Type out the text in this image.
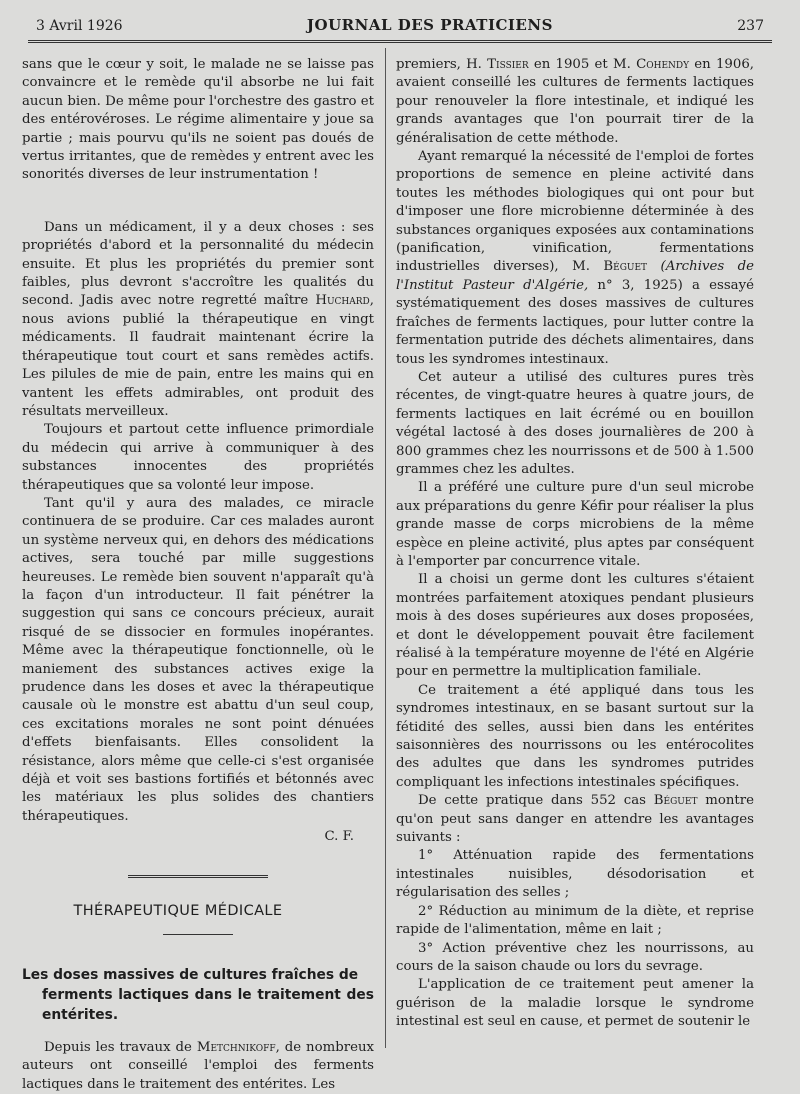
3 Avril 1926	JOURNAL DES PRATICIENS	237

sans que le cœur y soit, le malade ne se laisse pas convaincre et le remède qu'il absorbe ne lui fait aucun bien. De même pour l'orchestre des gastro et des entérovéroses. Le régime alimentaire y joue sa partie ; mais pourvu qu'ils ne soient pas doués de vertus irritantes, que de remèdes y entrent avec les sonorités diverses de leur instrumentation !

Dans un médicament, il y a deux choses : ses propriétés d'abord et la personnalité du médecin ensuite. Et plus les propriétés du premier sont faibles, plus devront s'accroître les qualités du second. Jadis avec notre regretté maître Huchard, nous avions publié la thérapeutique en vingt médicaments. Il faudrait maintenant écrire la thérapeutique tout court et sans remèdes actifs. Les pilules de mie de pain, entre les mains qui en vantent les effets admirables, ont produit des résultats merveilleux.

Toujours et partout cette influence primordiale du médecin qui arrive à communiquer à des substances innocentes des propriétés thérapeutiques que sa volonté leur impose.

Tant qu'il y aura des malades, ce miracle continuera de se produire. Car ces malades auront un système nerveux qui, en dehors des médications actives, sera touché par mille suggestions heureuses. Le remède bien souvent n'apparaît qu'à la façon d'un introducteur. Il fait pénétrer la suggestion qui sans ce concours précieux, aurait risqué de se dissocier en formules inopérantes. Même avec la thérapeutique fonctionnelle, où le maniement des substances actives exige la prudence dans les doses et avec la thérapeutique causale où le monstre est abattu d'un seul coup, ces excitations morales ne sont point dénuées d'effets bienfaisants. Elles consolident la résistance, alors même que celle-ci s'est organisée déjà et voit ses bastions fortifiés et bétonnés avec les matériaux les plus solides des chantiers thérapeutiques.

C. F.

THÉRAPEUTIQUE MÉDICALE
Les doses massives de cultures fraîches de
ferments lactiques dans le traitement des entérites.

Depuis les travaux de Metchnikoff, de nombreux auteurs ont conseillé l'emploi des ferments lactiques dans le traitement des entérites. Les

premiers, H. Tissier en 1905 et M. Cohendy en 1906, avaient conseillé les cultures de ferments lactiques pour renouveler la flore intestinale, et indiqué les grands avantages que l'on pourrait tirer de la généralisation de cette méthode.

Ayant remarqué la nécessité de l'emploi de fortes proportions de semence en pleine activité dans toutes les méthodes biologiques qui ont pour but d'imposer une flore microbienne déterminée à des substances organiques exposées aux contaminations (panification, vinification, fermentations industrielles diverses), M. Béguet (Archives de l'Institut Pasteur d'Algérie, n° 3, 1925) a essayé systématiquement des doses massives de cultures fraîches de ferments lactiques, pour lutter contre la fermentation putride des déchets alimentaires, dans tous les syndromes intestinaux.

Cet auteur a utilisé des cultures pures très récentes, de vingt-quatre heures à quatre jours, de ferments lactiques en lait écrémé ou en bouillon végétal lactosé à des doses journalières de 200 à 800 grammes chez les nourrissons et de 500 à 1.500 grammes chez les adultes.

Il a préféré une culture pure d'un seul microbe aux préparations du genre Kéfir pour réaliser la plus grande masse de corps microbiens de la même espèce en pleine activité, plus aptes par conséquent à l'emporter par concurrence vitale.

Il a choisi un germe dont les cultures s'étaient montrées parfaitement atoxiques pendant plusieurs mois à des doses supérieures aux doses proposées, et dont le développement pouvait être facilement réalisé à la température moyenne de l'été en Algérie pour en permettre la multiplication familiale.

Ce traitement a été appliqué dans tous les syndromes intestinaux, en se basant surtout sur la fétidité des selles, aussi bien dans les entérites saisonnières des nourrissons ou les entérocolites des adultes que dans les syndromes putrides compliquant les infections intestinales spécifiques.

De cette pratique dans 552 cas Béguet montre qu'on peut sans danger en attendre les avantages suivants :

1° Atténuation rapide des fermentations intestinales nuisibles, désodorisation et régularisation des selles ;

2° Réduction au minimum de la diète, et reprise rapide de l'alimentation, même en lait ;

3° Action préventive chez les nourrissons, au cours de la saison chaude ou lors du sevrage.

L'application de ce traitement peut amener la guérison de la maladie lorsque le syndrome intestinal est seul en cause, et permet de soutenir le
